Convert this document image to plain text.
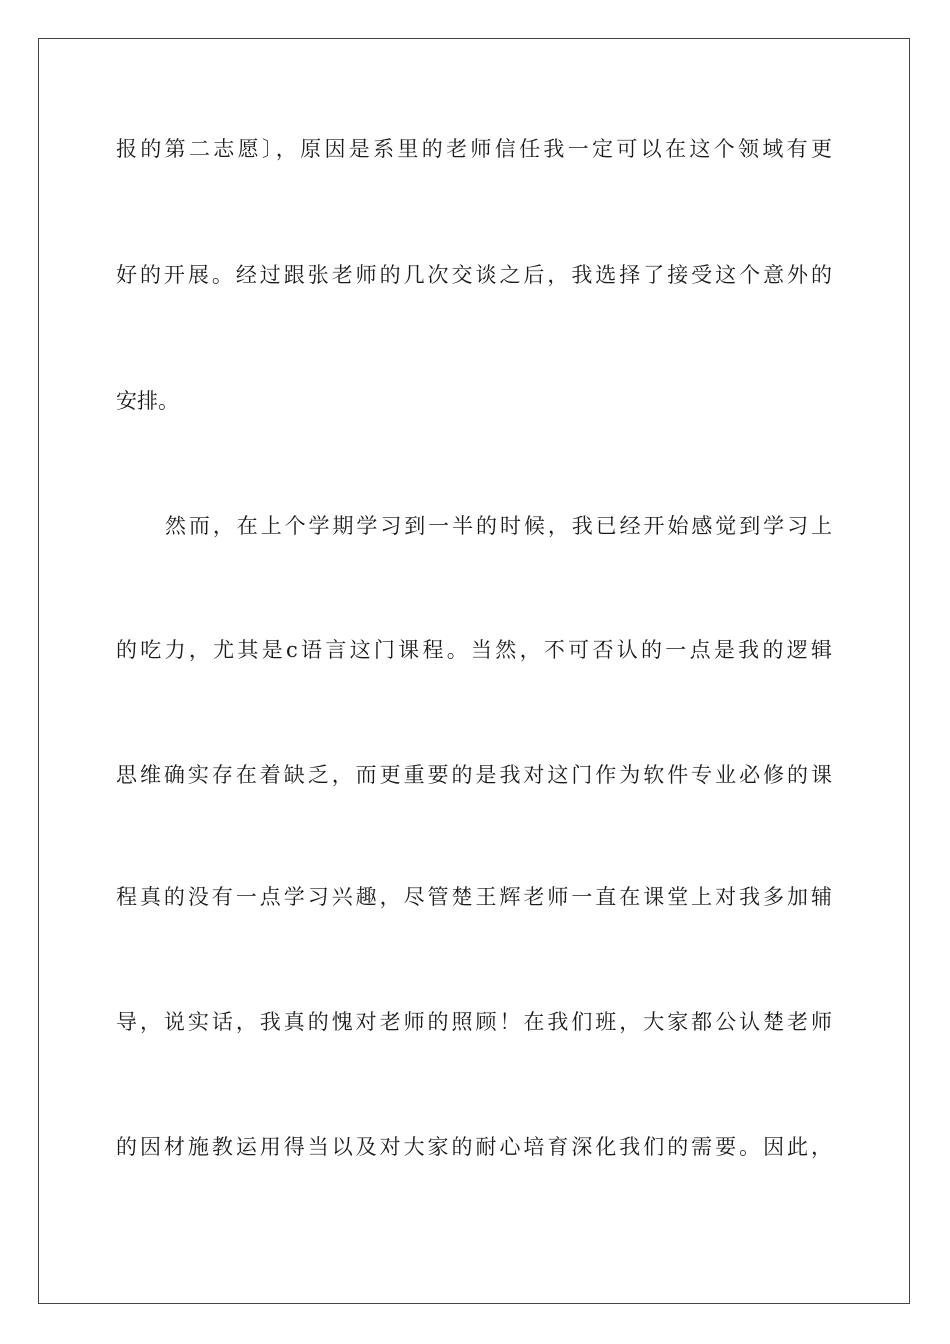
报的第二志愿〕，原因是系里的老师信任我一定可以在这个领域有更
好的开展。经过跟张老师的几次交谈之后，我选择了接受这个意外的
安排。
然而，在上个学期学习到一半的时候，我已经开始感觉到学习上
的吃力，尤其是c语言这门课程。当然，不可否认的一点是我的逻辑
思维确实存在着缺乏，而更重要的是我对这门作为软件专业必修的课
程真的没有一点学习兴趣，尽管楚王辉老师一直在课堂上对我多加辅
导，说实话，我真的愧对老师的照顾！在我们班，大家都公认楚老师
的因材施教运用得当以及对大家的耐心培育深化我们的需要。因此，
